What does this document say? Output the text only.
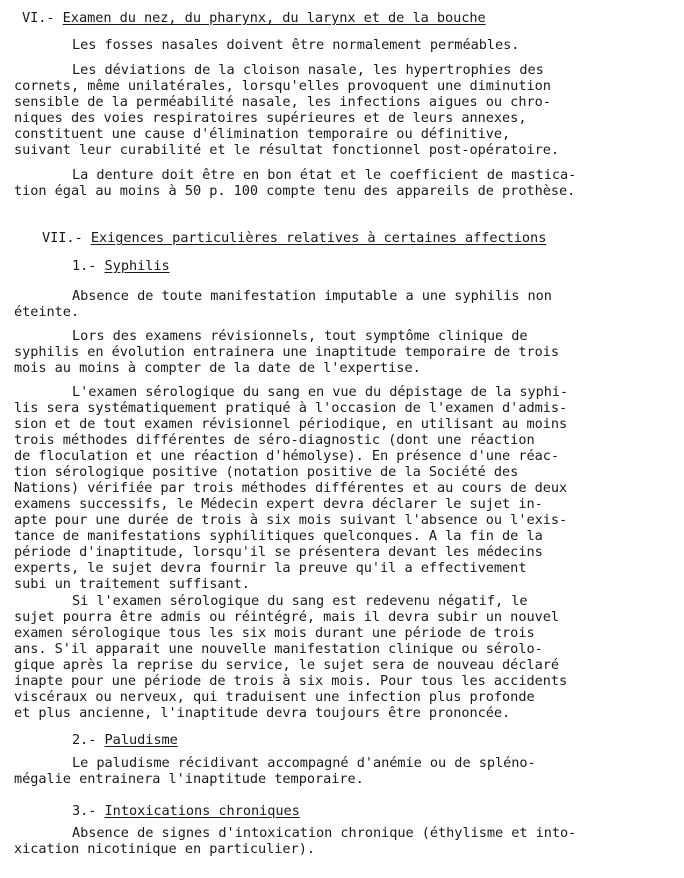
VI.- Examen du nez, du pharynx, du larynx et de la bouche
Les fosses nasales doivent être normalement perméables.
Les déviations de la cloison nasale, les hypertrophies des
cornets, même unilatérales, lorsqu'elles provoquent une diminution
sensible de la perméabilité nasale, les infections aigues ou chro-
niques des voies respiratoires supérieures et de leurs annexes,
constituent une cause d'élimination temporaire ou définitive,
suivant leur curabilité et le résultat fonctionnel post-opératoire.
La denture doit être en bon état et le coefficient de mastica-
tion égal au moins à 50 p. 100 compte tenu des appareils de prothèse.
VII.- Exigences particulières relatives à certaines affections
1.- Syphilis
Absence de toute manifestation imputable a une syphilis non
éteinte.
Lors des examens révisionnels, tout symptôme clinique de
syphilis en évolution entrainera une inaptitude temporaire de trois
mois au moins à compter de la date de l'expertise.
L'examen sérologique du sang en vue du dépistage de la syphi-
lis sera systématiquement pratiqué à l'occasion de l'examen d'admis-
sion et de tout examen révisionnel périodique, en utilisant au moins
trois méthodes différentes de séro-diagnostic (dont une réaction
de floculation et une réaction d'hémolyse). En présence d'une réac-
tion sérologique positive (notation positive de la Société des
Nations) vérifiée par trois méthodes différentes et au cours de deux
examens successifs, le Médecin expert devra déclarer le sujet in-
apte pour une durée de trois à six mois suivant l'absence ou l'exis-
tance de manifestations syphilitiques quelconques. A la fin de la
période d'inaptitude, lorsqu'il se présentera devant les médecins
experts, le sujet devra fournir la preuve qu'il a effectivement
subi un traitement suffisant.
Si l'examen sérologique du sang est redevenu négatif, le
sujet pourra être admis ou réintégré, mais il devra subir un nouvel
examen sérologique tous les six mois durant une période de trois
ans. S'il apparait une nouvelle manifestation clinique ou sérolo-
gique après la reprise du service, le sujet sera de nouveau déclaré
inapte pour une période de trois à six mois. Pour tous les accidents
viscéraux ou nerveux, qui traduisent une infection plus profonde
et plus ancienne, l'inaptitude devra toujours être prononcée.
2.- Paludisme
Le paludisme récidivant accompagné d'anémie ou de spléno-
mégalie entrainera l'inaptitude temporaire.
3.- Intoxications chroniques
Absence de signes d'intoxication chronique (éthylisme et into-
xication nicotinique en particulier).
